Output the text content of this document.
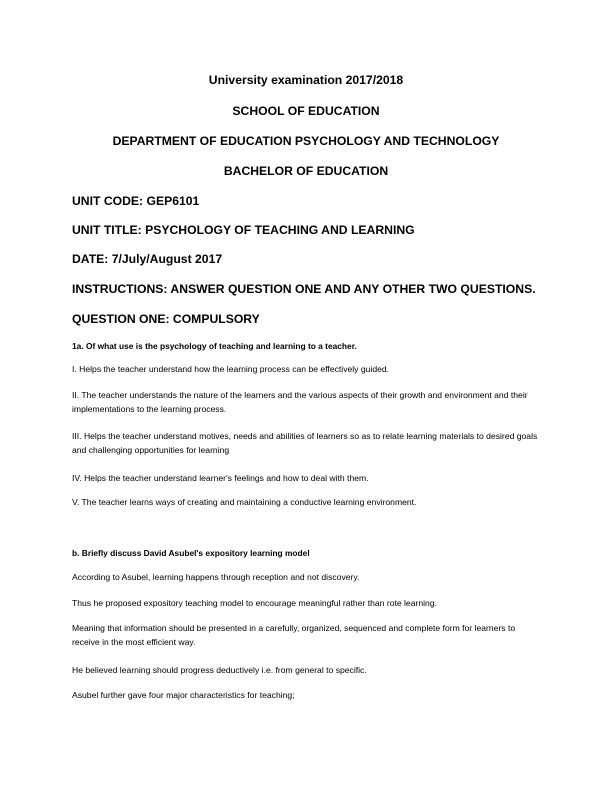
University examination 2017/2018
SCHOOL OF EDUCATION
DEPARTMENT OF EDUCATION PSYCHOLOGY AND TECHNOLOGY
BACHELOR OF EDUCATION
UNIT CODE: GEP6101
UNIT TITLE: PSYCHOLOGY OF TEACHING AND LEARNING
DATE: 7/July/August 2017
INSTRUCTIONS: ANSWER QUESTION ONE AND ANY OTHER TWO QUESTIONS.
QUESTION ONE: COMPULSORY
1a. Of what use is the psychology of teaching and learning to a teacher.
I. Helps the teacher understand how the learning process can be effectively guided.
II. The teacher understands the nature of the learners and the various aspects of their growth and environment and their implementations to the learning process.
III. Helps the teacher understand motives, needs and abilities of learners so as to relate learning materials to desired goals and challenging opportunities for learning
IV. Helps the teacher understand learner's feelings and how to deal with them.
V. The teacher learns ways of creating and maintaining a conductive learning environment.
b. Briefly discuss David Asubel's expository learning model
According to Asubel, learning happens through reception and not discovery.
Thus he proposed expository teaching model to encourage meaningful rather than rote learning.
Meaning that information should be presented in a carefully, organized, sequenced and complete form for learners to receive in the most efficient way.
He believed learning should progress deductively i.e. from general to specific.
Asubel further gave four major characteristics for teaching;
